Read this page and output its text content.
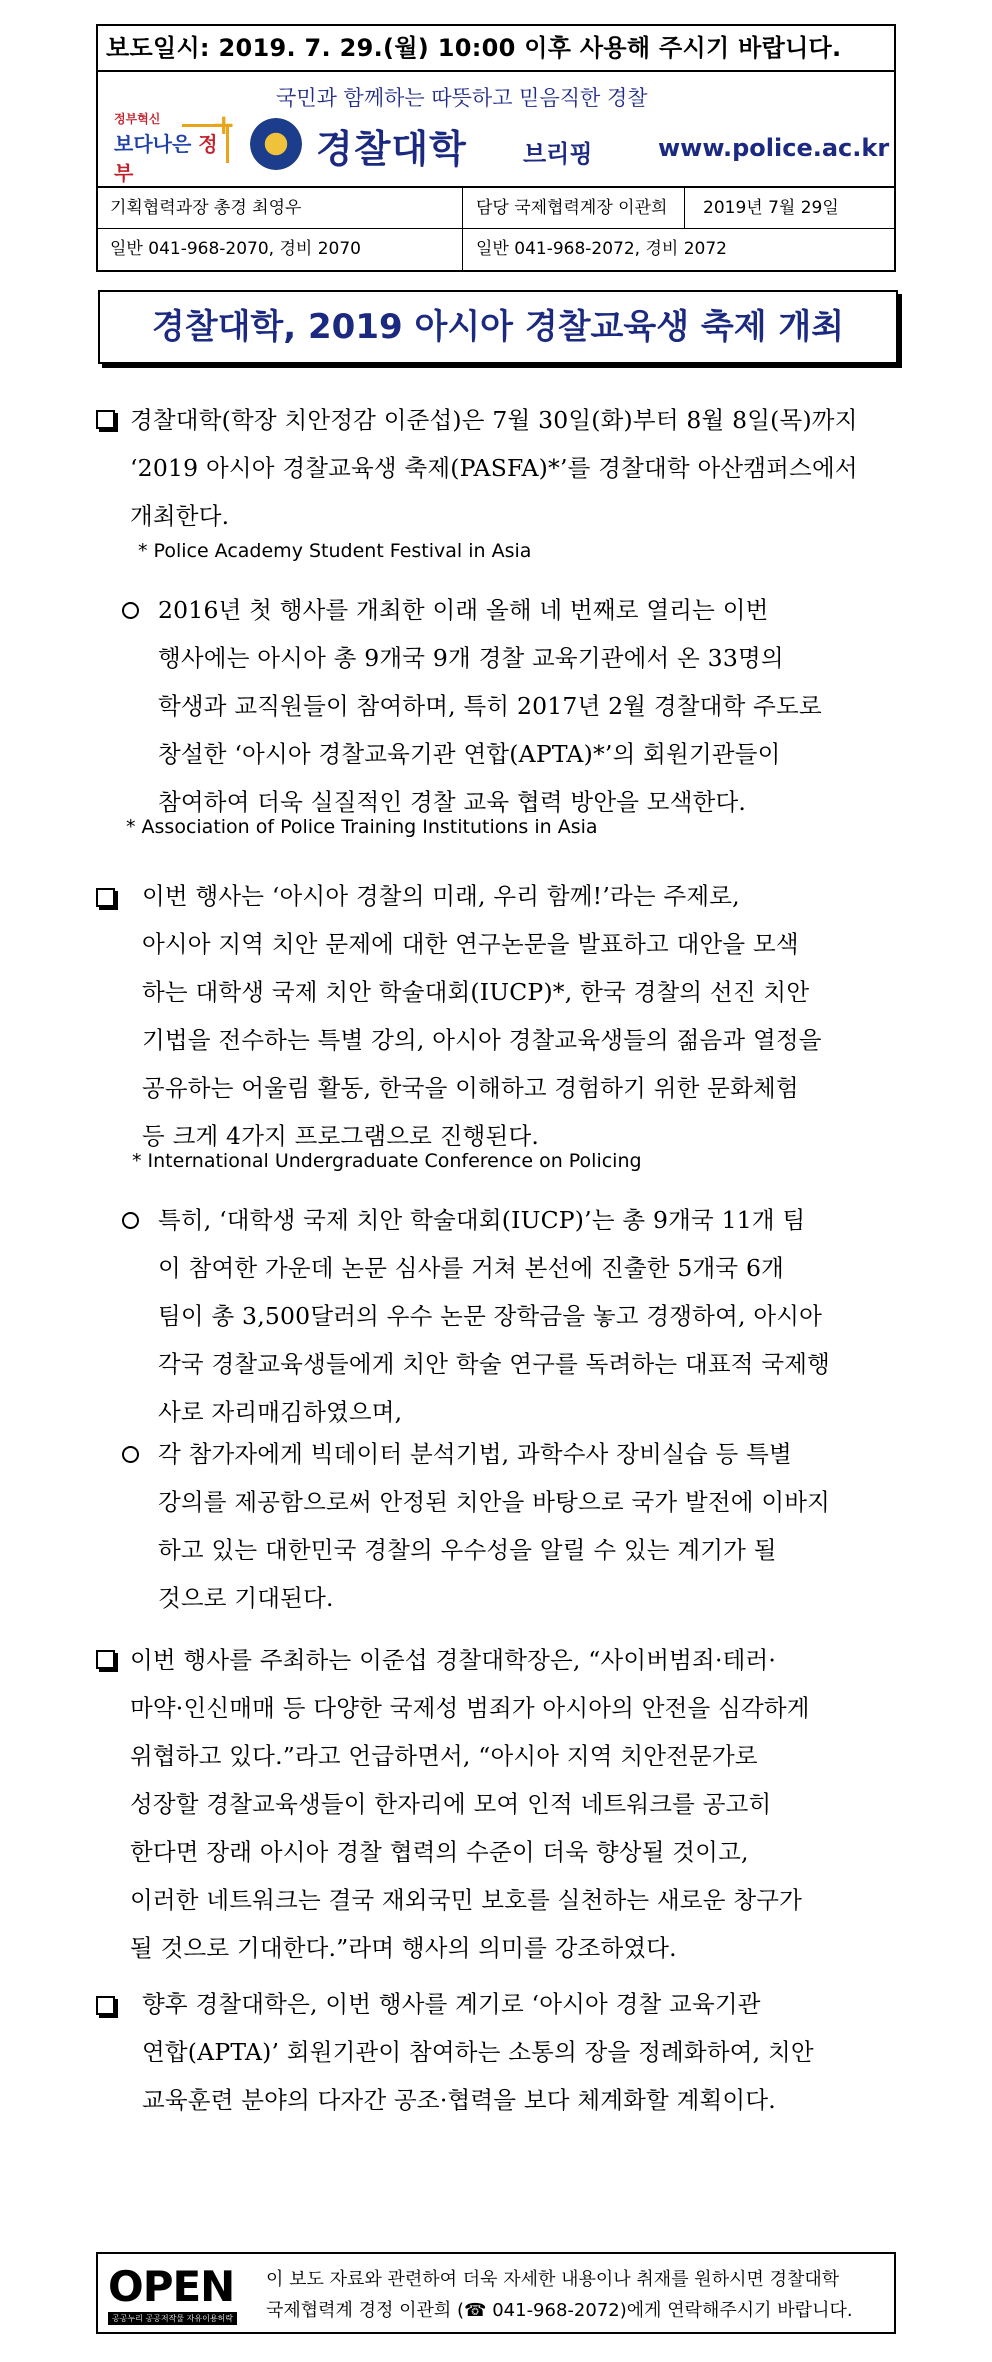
보도일시: 2019. 7. 29.(월) 10:00 이후 사용해 주시기 바랍니다.
국민과 함께하는 따뜻하고 믿음직한 경찰
+
정부혁신
보다나은 정부
경찰대학 브리핑	www.police.ac.kr
기획협력과장 총경 최영우	담당 국제협력계장 이관희 2019년 7월 29일
일반 041-968-2070, 경비 2070	일반 041-968-2072, 경비 2072
경찰대학, 2019 아시아 경찰교육생 축제 개최
경찰대학(학장 치안정감 이준섭)은 7월 30일(화)부터 8월 8일(목)까지
‘2019 아시아 경찰교육생 축제(PASFA)*’를 경찰대학 아산캠퍼스에서
개최한다.
* Police Academy Student Festival in Asia
2016년 첫 행사를 개최한 이래 올해 네 번째로 열리는 이번
행사에는 아시아 총 9개국 9개 경찰 교육기관에서 온 33명의
학생과 교직원들이 참여하며, 특히 2017년 2월 경찰대학 주도로
창설한 ‘아시아 경찰교육기관 연합(APTA)*’의 회원기관들이
참여하여 더욱 실질적인 경찰 교육 협력 방안을 모색한다.
* Association of Police Training Institutions in Asia
이번 행사는 ‘아시아 경찰의 미래, 우리 함께!’라는 주제로,
아시아 지역 치안 문제에 대한 연구논문을 발표하고 대안을 모색
하는 대학생 국제 치안 학술대회(IUCP)*, 한국 경찰의 선진 치안
기법을 전수하는 특별 강의, 아시아 경찰교육생들의 젊음과 열정을
공유하는 어울림 활동, 한국을 이해하고 경험하기 위한 문화체험
등 크게 4가지 프로그램으로 진행된다.
* International Undergraduate Conference on Policing
특히, ‘대학생 국제 치안 학술대회(IUCP)’는 총 9개국 11개 팀
이 참여한 가운데 논문 심사를 거쳐 본선에 진출한 5개국 6개
팀이 총 3,500달러의 우수 논문 장학금을 놓고 경쟁하여, 아시아
각국 경찰교육생들에게 치안 학술 연구를 독려하는 대표적 국제행
사로 자리매김하였으며,
각 참가자에게 빅데이터 분석기법, 과학수사 장비실습 등 특별
강의를 제공함으로써 안정된 치안을 바탕으로 국가 발전에 이바지
하고 있는 대한민국 경찰의 우수성을 알릴 수 있는 계기가 될
것으로 기대된다.
이번 행사를 주최하는 이준섭 경찰대학장은, “사이버범죄·테러·
마약·인신매매 등 다양한 국제성 범죄가 아시아의 안전을 심각하게
위협하고 있다.”라고 언급하면서, “아시아 지역 치안전문가로
성장할 경찰교육생들이 한자리에 모여 인적 네트워크를 공고히
한다면 장래 아시아 경찰 협력의 수준이 더욱 향상될 것이고,
이러한 네트워크는 결국 재외국민 보호를 실천하는 새로운 창구가
될 것으로 기대한다.”라며 행사의 의미를 강조하였다.
향후 경찰대학은, 이번 행사를 계기로 ‘아시아 경찰 교육기관
연합(APTA)’ 회원기관이 참여하는 소통의 장을 정례화하여, 치안
교육훈련 분야의 다자간 공조·협력을 보다 체계화할 계획이다.
OPEN
공공누리 공공저작물 자유이용허락
이 보도 자료와 관련하여 더욱 자세한 내용이나 취재를 원하시면 경찰대학
국제협력계 경정 이관희 (☎ 041-968-2072)에게 연락해주시기 바랍니다.
